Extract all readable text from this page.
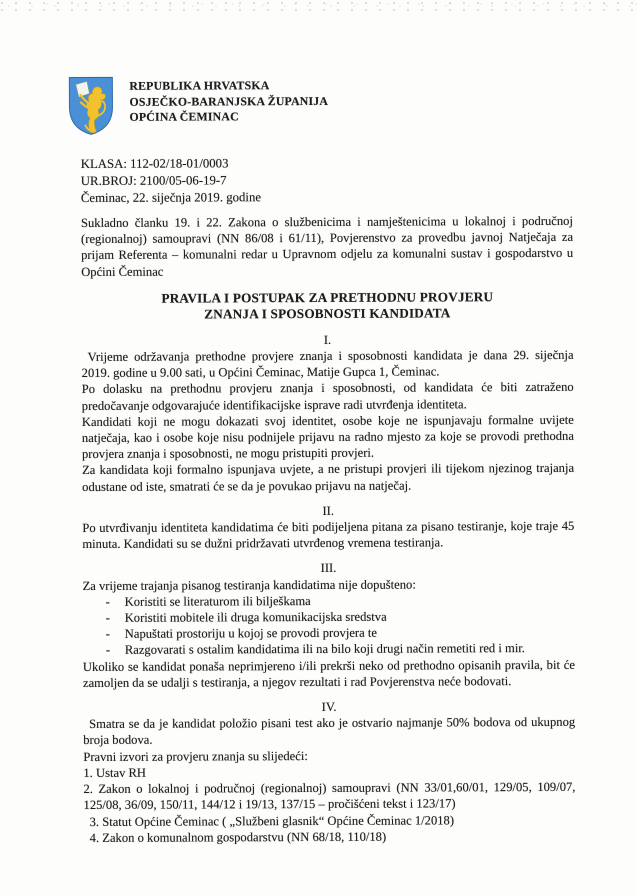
REPUBLIKA HRVATSKA
OSJEČKO-BARANJSKA ŽUPANIJA
OPĆINA ČEMINAC
KLASA: 112-02/18-01/0003
UR.BROJ: 2100/05-06-19-7
Čeminac, 22. siječnja 2019. godine

Sukladno članku 19. i 22. Zakona o službenicima i namještenicima u lokalnoj i područnoj (regionalnoj) samoupravi (NN 86/08 i 61/11), Povjerenstvo za provedbu javnoj Natječaja za prijam Referenta – komunalni redar u Upravnom odjelu za komunalni sustav i gospodarstvo u Općini Čeminac

PRAVILA I POSTUPAK ZA PRETHODNU PROVJERU
ZNANJA I SPOSOBNOSTI KANDIDATA
I.

Vrijeme održavanja prethodne provjere znanja i sposobnosti kandidata je dana 29. siječnja 2019. godine u 9.00 sati, u Općini Čeminac, Matije Gupca 1, Čeminac.

Po dolasku na prethodnu provjeru znanja i sposobnosti, od kandidata će biti zatraženo predočavanje odgovarajuće identifikacijske isprave radi utvrđenja identiteta.

Kandidati koji ne mogu dokazati svoj identitet, osobe koje ne ispunjavaju formalne uvijete natječaja, kao i osobe koje nisu podnijele prijavu na radno mjesto za koje se provodi prethodna provjera znanja i sposobnosti, ne mogu pristupiti provjeri.

Za kandidata koji formalno ispunjava uvjete, a ne pristupi provjeri ili tijekom njezinog trajanja odustane od iste, smatrati će se da je povukao prijavu na natječaj.

II.

Po utvrđivanju identiteta kandidatima će biti podijeljena pitana za pisano testiranje, koje traje 45 minuta. Kandidati su se dužni pridržavati utvrđenog vremena testiranja.

III.

Za vrijeme trajanja pisanog testiranja kandidatima nije dopušteno:

- Koristiti se literaturom ili bilješkama
- Koristiti mobitele ili druga komunikacijska sredstva
- Napuštati prostoriju u kojoj se provodi provjera te
- Razgovarati s ostalim kandidatima ili na bilo koji drugi način remetiti red i mir.

Ukoliko se kandidat ponaša neprimjereno i/ili prekrši neko od prethodno opisanih pravila, bit će zamoljen da se udalji s testiranja, a njegov rezultati i rad Povjerenstva neće bodovati.

IV.

Smatra se da je kandidat položio pisani test ako je ostvario najmanje 50% bodova od ukupnog broja bodova.

Pravni izvori za provjeru znanja su slijedeći:

1. Ustav RH
2. Zakon o lokalnoj i područnoj (regionalnoj) samoupravi (NN 33/01,60/01, 129/05, 109/07, 125/08, 36/09, 150/11, 144/12 i 19/13, 137/15 – pročišćeni tekst i 123/17)
3. Statut Općine Čeminac ( „Službeni glasnik“ Općine Čeminac 1/2018)
4. Zakon o komunalnom gospodarstvu (NN 68/18, 110/18)
